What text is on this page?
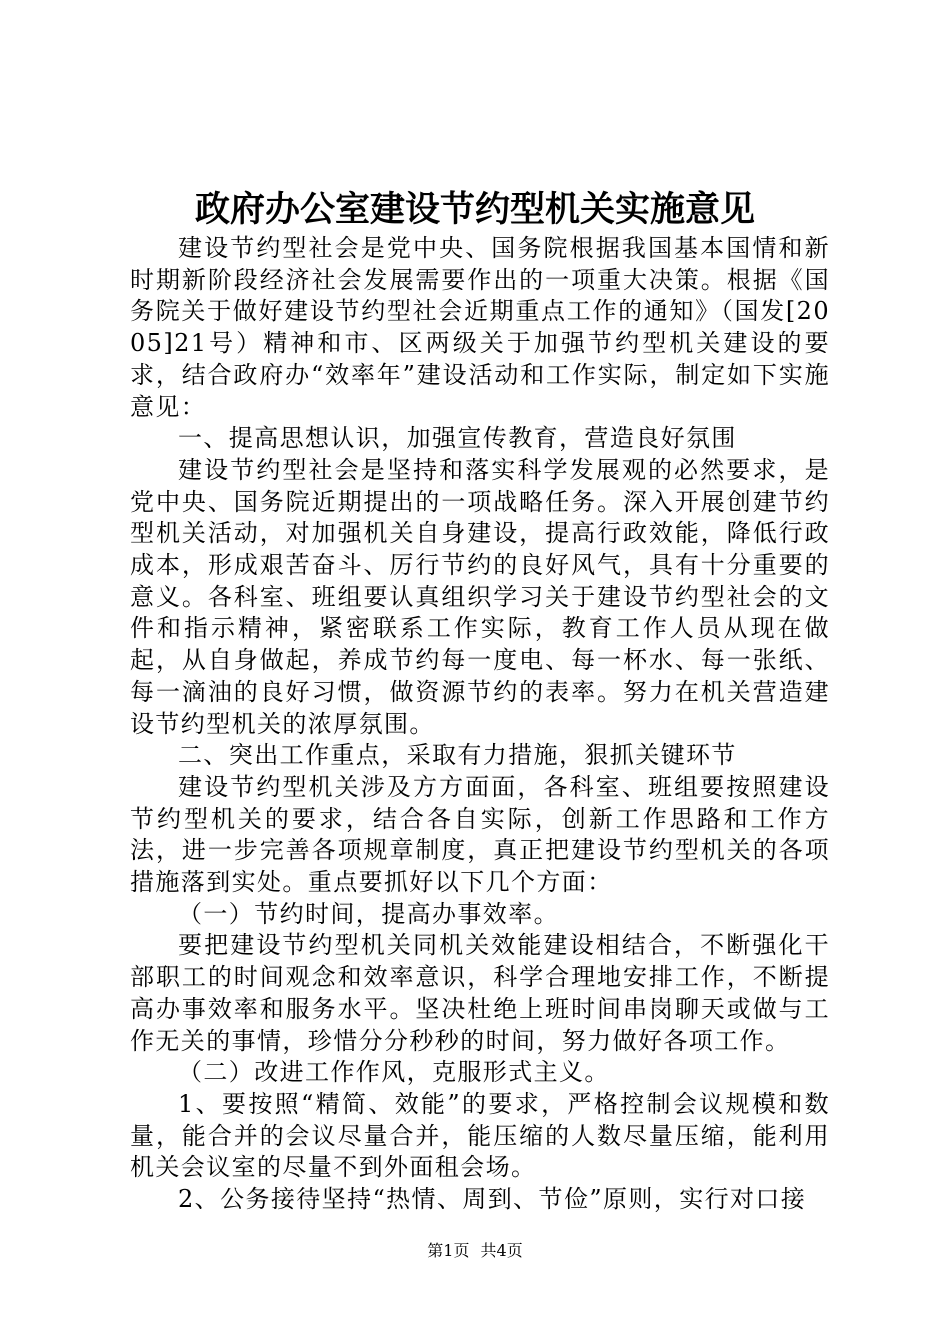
政府办公室建设节约型机关实施意见

建设节约型社会是党中央、国务院根据我国基本国情和新时期新阶段经济社会发展需要作出的一项重大决策。根据《国务院关于做好建设节约型社会近期重点工作的通知》（国发[2005]21号）精神和市、区两级关于加强节约型机关建设的要求，结合政府办“效率年”建设活动和工作实际，制定如下实施意见：

一、提高思想认识，加强宣传教育，营造良好氛围

建设节约型社会是坚持和落实科学发展观的必然要求，是党中央、国务院近期提出的一项战略任务。深入开展创建节约型机关活动，对加强机关自身建设，提高行政效能，降低行政成本，形成艰苦奋斗、厉行节约的良好风气，具有十分重要的意义。各科室、班组要认真组织学习关于建设节约型社会的文件和指示精神，紧密联系工作实际，教育工作人员从现在做起，从自身做起，养成节约每一度电、每一杯水、每一张纸、每一滴油的良好习惯，做资源节约的表率。努力在机关营造建设节约型机关的浓厚氛围。

二、突出工作重点，采取有力措施，狠抓关键环节

建设节约型机关涉及方方面面，各科室、班组要按照建设节约型机关的要求，结合各自实际，创新工作思路和工作方法，进一步完善各项规章制度，真正把建设节约型机关的各项措施落到实处。重点要抓好以下几个方面：

（一）节约时间，提高办事效率。

要把建设节约型机关同机关效能建设相结合，不断强化干部职工的时间观念和效率意识，科学合理地安排工作，不断提高办事效率和服务水平。坚决杜绝上班时间串岗聊天或做与工作无关的事情，珍惜分分秒秒的时间，努力做好各项工作。

（二）改进工作作风，克服形式主义。

1、要按照“精简、效能”的要求，严格控制会议规模和数量，能合并的会议尽量合并，能压缩的人数尽量压缩，能利用机关会议室的尽量不到外面租会场。

2、公务接待坚持“热情、周到、节俭”原则，实行对口接

第1页 共4页
